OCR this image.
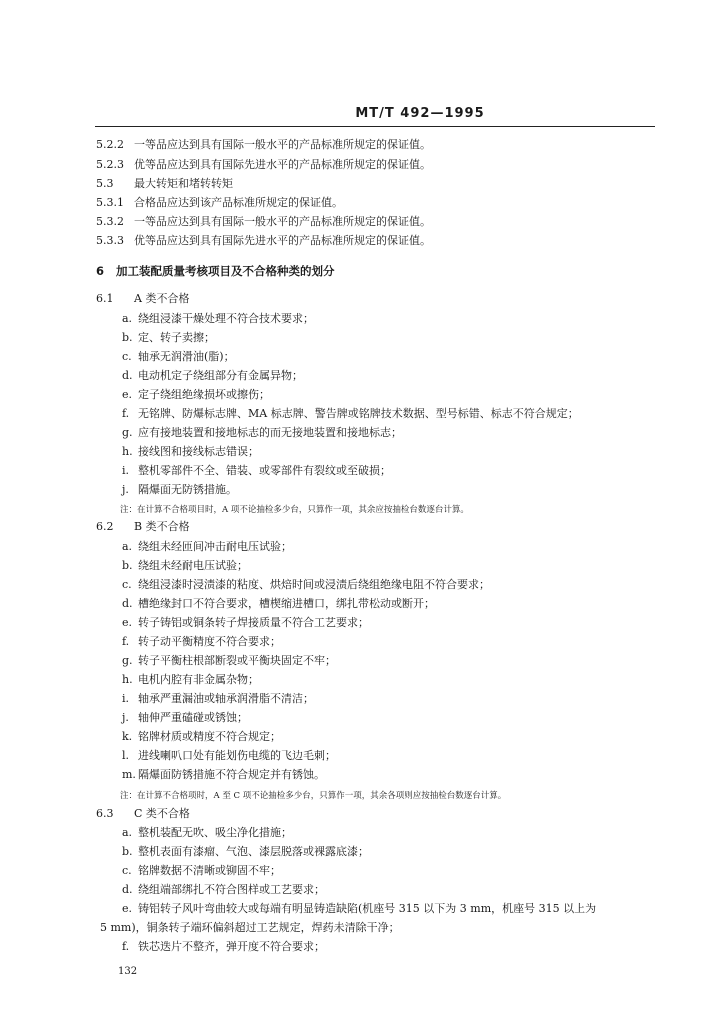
MT/T 492—1995
5.2.2 一等品应达到具有国际一般水平的产品标准所规定的保证值。
5.2.3 优等品应达到具有国际先进水平的产品标准所规定的保证值。
5.3 最大转矩和堵转转矩
5.3.1 合格品应达到该产品标准所规定的保证值。
5.3.2 一等品应达到具有国际一般水平的产品标准所规定的保证值。
5.3.3 优等品应达到具有国际先进水平的产品标准所规定的保证值。
6 加工装配质量考核项目及不合格种类的划分
6.1 A 类不合格
a. 绕组浸漆干燥处理不符合技术要求；
b. 定、转子卖擦；
c. 轴承无润滑油(脂)；
d. 电动机定子绕组部分有金属异物；
e. 定子绕组绝缘损坏或擦伤；
f. 无铭牌、防爆标志牌、MA 标志牌、警告牌或铭牌技术数据、型号标错、标志不符合规定；
g. 应有接地装置和接地标志的而无接地装置和接地标志；
h. 接线图和接线标志错误；
i. 整机零部件不全、错装、或零部件有裂纹或至破损；
j. 隔爆面无防锈措施。
注：在计算不合格项目时，A 项不论抽检多少台，只算作一项，其余应按抽检台数逐台计算。
6.2 B 类不合格
a. 绕组未经匝间冲击耐电压试验；
b. 绕组未经耐电压试验；
c. 绕组浸漆时浸渍漆的粘度、烘焙时间或浸渍后绕组绝缘电阻不符合要求；
d. 槽绝缘封口不符合要求，槽楔缩进槽口，绑扎带松动或断开；
e. 转子铸铝或铜条转子焊接质量不符合工艺要求；
f. 转子动平衡精度不符合要求；
g. 转子平衡柱根部断裂或平衡块固定不牢；
h. 电机内腔有非金属杂物；
i. 轴承严重漏油或轴承润滑脂不清洁；
j. 轴伸严重磕碰或锈蚀；
k. 铭牌材质或精度不符合规定；
l. 进线喇叭口处有能划伤电缆的飞边毛刺；
m. 隔爆面防锈措施不符合规定并有锈蚀。
注：在计算不合格项时，A 至 C 项不论抽检多少台，只算作一项，其余各项则应按抽检台数逐台计算。
6.3 C 类不合格
a. 整机装配无吹、吸尘净化措施；
b. 整机表面有漆瘤、气泡、漆层脱落或裸露底漆；
c. 铭牌数据不清晰或铆固不牢；
d. 绕组端部绑扎不符合图样或工艺要求；
e. 铸铝转子风叶弯曲较大或每端有明显铸造缺陷(机座号 315 以下为 3 mm，机座号 315 以上为
5 mm)，铜条转子端环偏斜超过工艺规定，焊药未清除干净；
f. 铁芯迭片不整齐，弹开度不符合要求；
132
